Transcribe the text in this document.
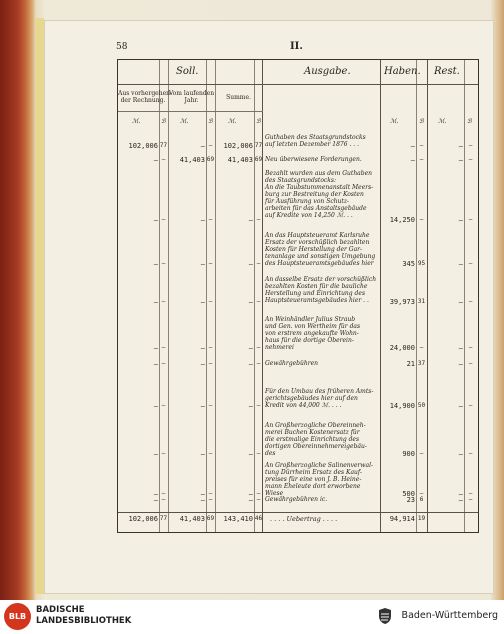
58	II.
Soll.	Ausgabe.	Haben. Rest.
Aus vorhergehen-
der Rechnung.
Vom laufenden
Jahr.	Summe.
ℳ.	ℬ ℳ.	ℬ	ℳ.	ℬ	ℳ.	ℬ ℳ.	ℬ
Guthaben des Staatsgrundstocks
auf letzten Dezember 1876 . . .
102,006 77	— —	102,006 77	— —	— —
Neu überwiesene Forderungen.
— —	41,403 69	41,403 69	— —	— —
Bezahlt wurden aus dem Guthaben
des Staatsgrundstocks:
An die Taubstummenanstalt Meers-
burg zur Bestreitung der Kosten
für Ausführung von Schutz-
arbeiten für das Anstaltsgebäude
auf Kredite von 14,250 ℳ. . .
— —	— —	— —	14,250 —	— —
An das Hauptsteueramt Karlsruhe
Ersatz der vorschüßlich bezahlten
Kosten für Herstellung der Gar-
tenanlage und sonstigen Umgebung
des Hauptsteueramtsgebäudes hier
— —	— —	— —	345 95	— —
An dasselbe Ersatz der vorschüßlich
bezahlten Kosten für die bauliche
Herstellung und Einrichtung des
Hauptsteueramtsgebäudes hier . .
— —	— —	— —	39,973 31	— —
An Weinhändler Julius Straub
und Gen. von Wertheim für das
von erstrem angekaufte Wohn-
haus für die dortige Oberein-
nehmerei
— —	— —	— —	24,000 —	— —
Gewährgebühren
— —	— —	— —	21 37	— —
Für den Umbau des früheren Amts-
gerichtsgebäudes hier auf den
Kredit von 44,000 ℳ. . . .
— —	— —	— —	14,900 50	— —
An Großherzogliche Obereinneh-
merei Buchen Kostenersatz für
die erstmalige Einrichtung des
dortigen Obereinnehmereigebäu-
des
— —	— —	— —	900 —	— —
An Großherzogliche Salinenverwal-
tung Dürrheim Ersatz des Kauf-
preises für eine von J. B. Heine-
mann Eheleute dort erworbene
Wiese
— —	— —	— —	500 —	— —
Gewährgebühren ic.
— —	— —	— —	23 6	— —
102,006 77	41,403 69	143,410 46	94,914 19
. . . . Uebertrag . . . .
BLB
BADISCHE
LANDESBIBLIOTHEK	Baden-Württemberg
